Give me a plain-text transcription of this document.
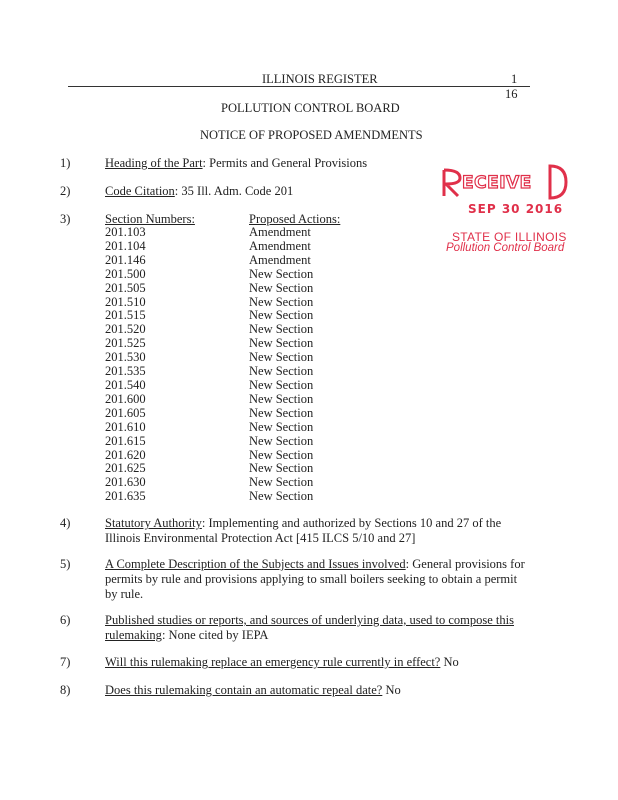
ILLINOIS REGISTER	1
16
POLLUTION CONTROL BOARD
NOTICE OF PROPOSED AMENDMENTS
1)	Heading of the Part: Permits and General Provisions
2)	Code Citation: 35 Ill. Adm. Code 201
3)	Section Numbers:	Proposed Actions:
201.103	Amendment
201.104	Amendment
201.146	Amendment
201.500	New Section
201.505	New Section
201.510	New Section
201.515	New Section
201.520	New Section
201.525	New Section
201.530	New Section
201.535	New Section
201.540	New Section
201.600	New Section
201.605	New Section
201.610	New Section
201.615	New Section
201.620	New Section
201.625	New Section
201.630	New Section
201.635	New Section
ECEIVE
SEP 30 2016
STATE OF ILLINOIS
Pollution Control Board
4)	Statutory Authority: Implementing and authorized by Sections 10 and 27 of the Illinois Environmental Protection Act [415 ILCS 5/10 and 27]
5)	A Complete Description of the Subjects and Issues involved: General provisions for permits by rule and provisions applying to small boilers seeking to obtain a permit by rule.
6)	Published studies or reports, and sources of underlying data, used to compose this rulemaking: None cited by IEPA
7)	Will this rulemaking replace an emergency rule currently in effect? No
8)	Does this rulemaking contain an automatic repeal date? No
